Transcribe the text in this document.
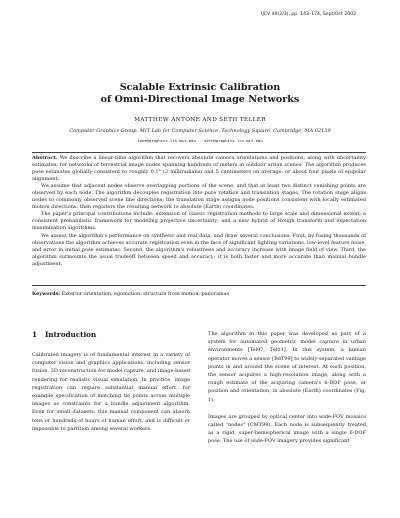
IJCV 49(2/3), pp. 143–174, Sept/Oct 2002
Scalable Extrinsic Calibration
of Omni-Directional Image Networks
MATTHEW ANTONE AND SETH TELLER
Computer Graphics Group, MIT Lab for Computer Science, Technology Square, Cambridge, MA 02139
tone@graphics.lcs.mit.edu seth@graphics.lcs.mit.edu

Abstract. We describe a linear-time algorithm that recovers absolute camera orientations and positions, along with uncertainty estimates, for networks of terrestrial image nodes spanning hundreds of meters in outdoor urban scenes. The algorithm produces pose estimates globally consistent to roughly 0.1° (2 milliradians) and 5 centimeters on average, or about four pixels of epipolar alignment.

We assume that adjacent nodes observe overlapping portions of the scene, and that at least two distinct vanishing points are observed by each node. The algorithm decouples registration into pure rotation and translation stages. The rotation stage aligns nodes to commonly observed scene line directions; the translation stage assigns node positions consistent with locally estimated motion directions, then registers the resulting network to absolute (Earth) coordinates.

The paper's principal contributions include: extension of classic registration methods to large scale and dimensional extent; a consistent probabilistic framework for modeling projective uncertainty; and a new hybrid of Hough transform and expectation maximization algorithms.

We assess the algorithm's performance on synthetic and real data, and draw several conclusions. First, by fusing thousands of observations the algorithm achieves accurate registration even in the face of significant lighting variations, low-level feature noise, and error in initial pose estimates. Second, the algorithm's robustness and accuracy increase with image field of view. Third, the algorithm surmounts the usual tradeoff between speed and accuracy; it is both faster and more accurate than manual bundle adjustment.

Keywords: Exterior orientation, egomotion, structure from motion, panoramas
1 Introduction

Calibrated imagery is of fundamental interest in a variety of computer vision and graphics applications, including sensor fusion, 3D reconstruction for model capture, and image-based rendering for realistic visual simulation. In practice, image registration can require substantial manual effort, for example specification of matching tie points across multiple images as constraints for a bundle adjustment algorithm. Even for small datasets, this manual component can absorb tens or hundreds of hours of human effort, and is difficult or impossible to partition among several workers.

The algorithm in this paper was developed as part of a system for automated geometric model capture in urban environments [Tel97, Tel01]. In this system, a human operator moves a sensor [BdT99] to widely-separated vantage points in and around the scene of interest. At each position, the sensor acquires a high-resolution image, along with a rough estimate of the acquiring camera's 6-DOF pose, or position and orientation, in absolute (Earth) coordinates (Fig. 1).

Images are grouped by optical center into wide-FOV mosaics called "nodes" (CMT98). Each node is subsequently treated as a rigid, super-hemispherical image with a single 6-DOF pose. The use of wide-FOV imagery provides significant
